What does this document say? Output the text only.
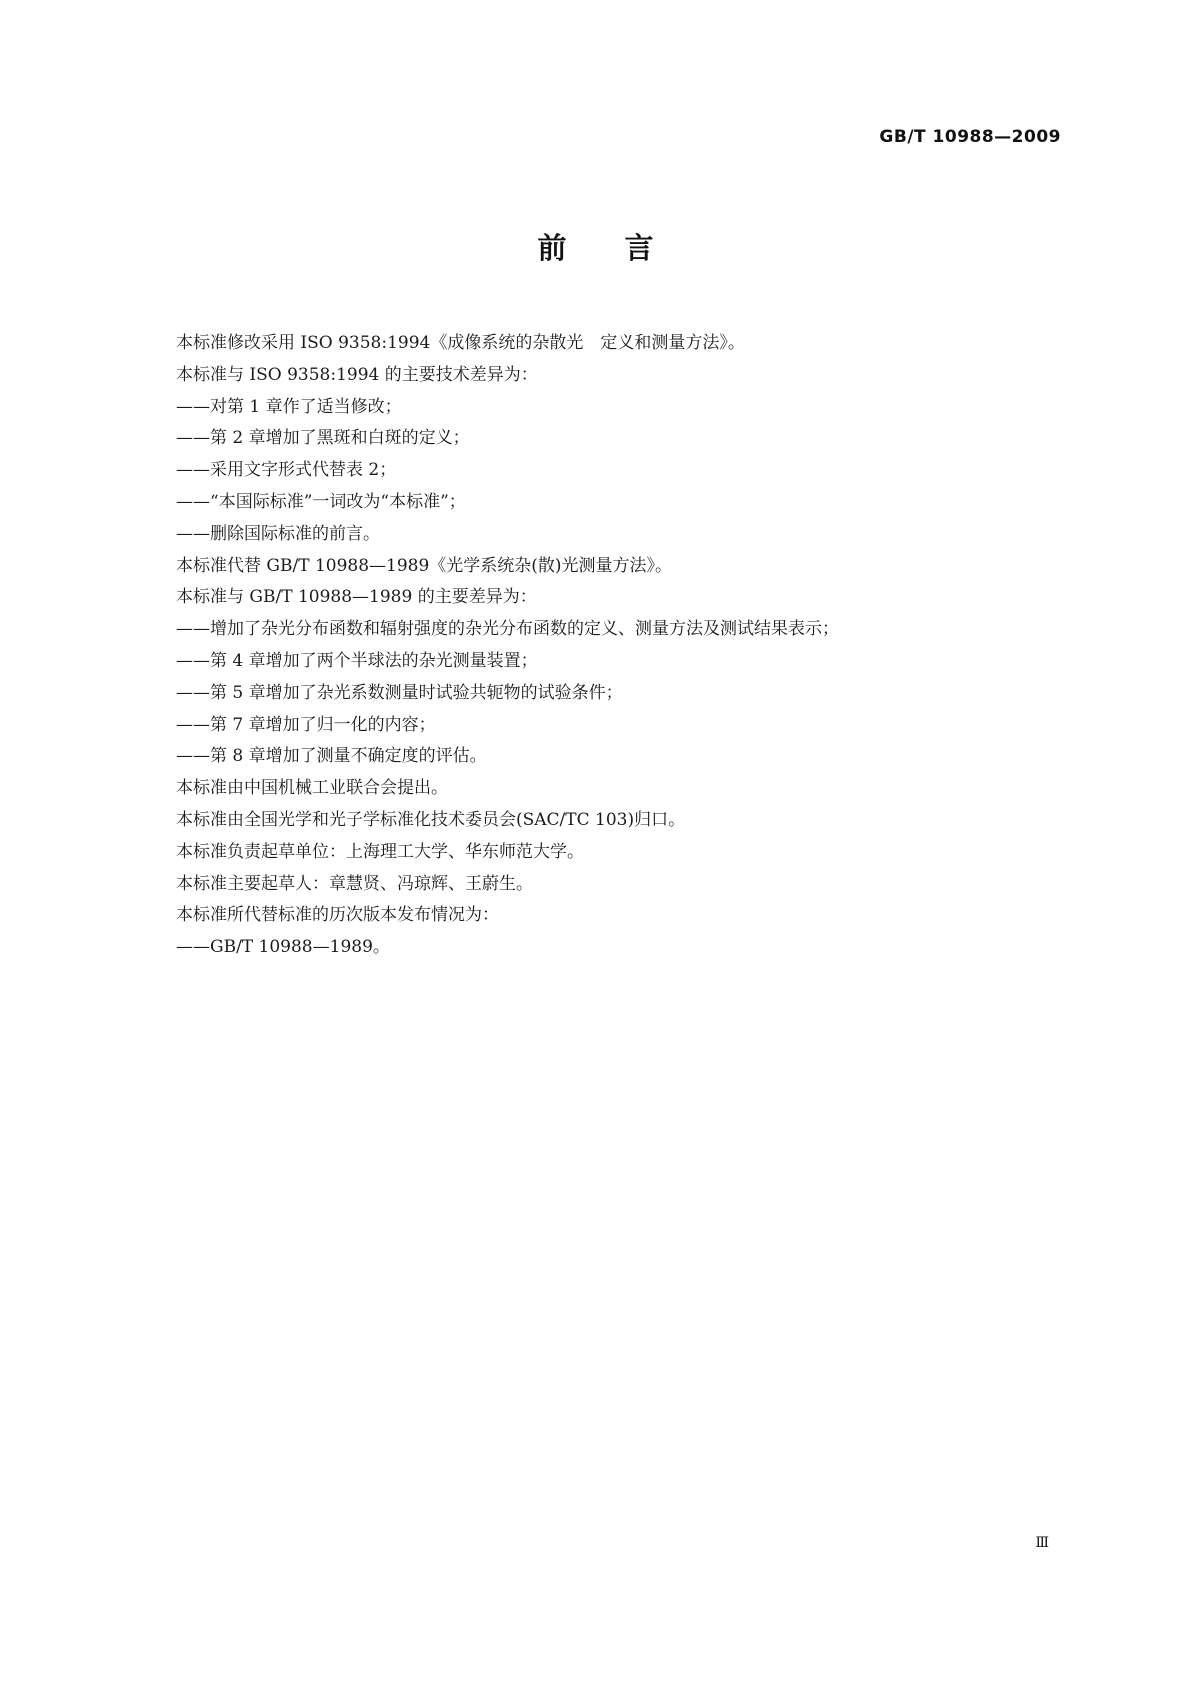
GB/T 10988—2009
前言
本标准修改采用 ISO 9358:1994《成像系统的杂散光　定义和测量方法》。
本标准与 ISO 9358:1994 的主要技术差异为：
——对第 1 章作了适当修改；
——第 2 章增加了黑斑和白斑的定义；
——采用文字形式代替表 2；
——“本国际标准”一词改为“本标准”；
——删除国际标准的前言。
本标准代替 GB/T 10988—1989《光学系统杂(散)光测量方法》。
本标准与 GB/T 10988—1989 的主要差异为：
——增加了杂光分布函数和辐射强度的杂光分布函数的定义、测量方法及测试结果表示；
——第 4 章增加了两个半球法的杂光测量装置；
——第 5 章增加了杂光系数测量时试验共轭物的试验条件；
——第 7 章增加了归一化的内容；
——第 8 章增加了测量不确定度的评估。
本标准由中国机械工业联合会提出。
本标准由全国光学和光子学标准化技术委员会(SAC/TC 103)归口。
本标准负责起草单位：上海理工大学、华东师范大学。
本标准主要起草人：章慧贤、冯琼辉、王蔚生。
本标准所代替标准的历次版本发布情况为：
——GB/T 10988—1989。
Ⅲ
